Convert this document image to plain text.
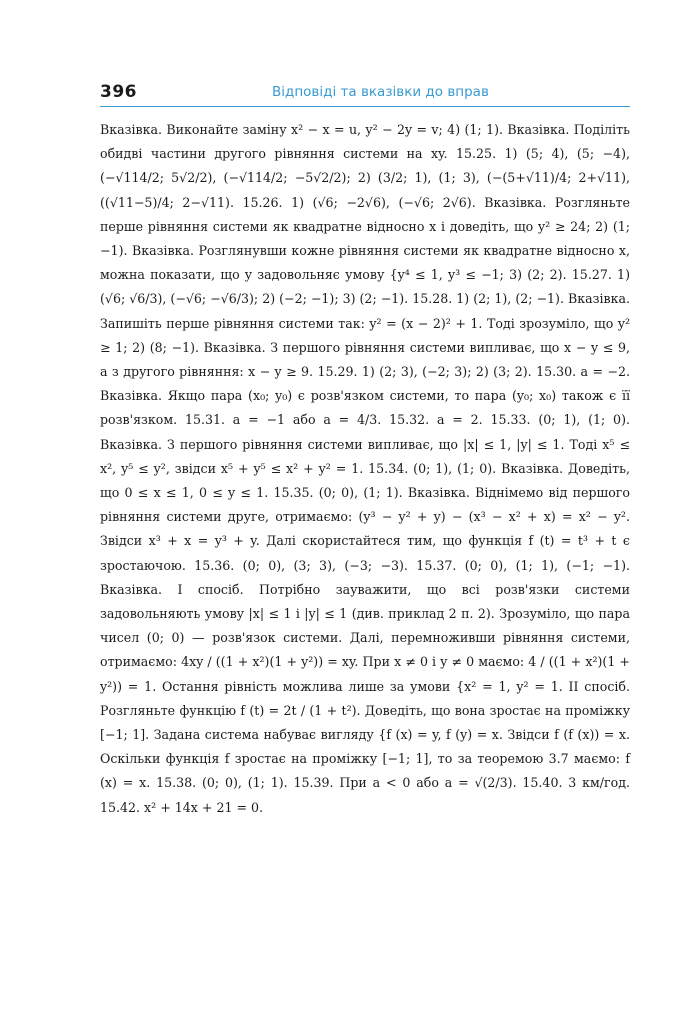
396	Відповіді та вказівки до вправ

Вказівка. Виконайте заміну x² − x = u, y² − 2y = v; 4) (1; 1). Вказівка. Поділіть обидві частини другого рівняння системи на xy. 15.25. 1) (5; 4), (5; −4), (−√114/2; 5√2/2), (−√114/2; −5√2/2); 2) (3/2; 1), (1; 3), (−(5+√11)/4; 2+√11), ((√11−5)/4; 2−√11). 15.26. 1) (√6; −2√6), (−√6; 2√6). Вказівка. Розгляньте перше рівняння системи як квадратне відносно x і доведіть, що y² ≥ 24; 2) (1; −1). Вказівка. Розглянувши кожне рівняння системи як квадратне відносно x, можна показати, що y задовольняє умову {y⁴ ≤ 1, y³ ≤ −1; 3) (2; 2). 15.27. 1) (√6; √6/3), (−√6; −√6/3); 2) (−2; −1); 3) (2; −1). 15.28. 1) (2; 1), (2; −1). Вказівка. Запишіть перше рівняння системи так: y² = (x − 2)² + 1. Тоді зрозуміло, що y² ≥ 1; 2) (8; −1). Вказівка. З першого рівняння системи випливає, що x − y ≤ 9, а з другого рівняння: x − y ≥ 9. 15.29. 1) (2; 3), (−2; 3); 2) (3; 2). 15.30. a = −2. Вказівка. Якщо пара (x₀; y₀) є розв'язком системи, то пара (y₀; x₀) також є її розв'язком. 15.31. a = −1 або a = 4/3. 15.32. a = 2. 15.33. (0; 1), (1; 0). Вказівка. З першого рівняння системи випливає, що |x| ≤ 1, |y| ≤ 1. Тоді x⁵ ≤ x², y⁵ ≤ y², звідси x⁵ + y⁵ ≤ x² + y² = 1. 15.34. (0; 1), (1; 0). Вказівка. Доведіть, що 0 ≤ x ≤ 1, 0 ≤ y ≤ 1. 15.35. (0; 0), (1; 1). Вказівка. Віднімемо від першого рівняння системи друге, отримаємо: (y³ − y² + y) − (x³ − x² + x) = x² − y². Звідси x³ + x = y³ + y. Далі скористайтеся тим, що функція f (t) = t³ + t є зростаючою. 15.36. (0; 0), (3; 3), (−3; −3). 15.37. (0; 0), (1; 1), (−1; −1). Вказівка. І спосіб. Потрібно зауважити, що всі розв'язки системи задовольняють умову |x| ≤ 1 і |y| ≤ 1 (див. приклад 2 п. 2). Зрозуміло, що пара чисел (0; 0) — розв'язок системи. Далі, перемноживши рівняння системи, отримаємо: 4xy / ((1 + x²)(1 + y²)) = xy. При x ≠ 0 і y ≠ 0 маємо: 4 / ((1 + x²)(1 + y²)) = 1. Остання рівність можлива лише за умови {x² = 1, y² = 1. ІІ спосіб. Розгляньте функцію f (t) = 2t / (1 + t²). Доведіть, що вона зростає на проміжку [−1; 1]. Задана система набуває вигляду {f (x) = y, f (y) = x. Звідси f (f (x)) = x. Оскільки функція f зростає на проміжку [−1; 1], то за теоремою 3.7 маємо: f (x) = x. 15.38. (0; 0), (1; 1). 15.39. При a < 0 або a = √(2/3). 15.40. 3 км/год. 15.42. x² + 14x + 21 = 0.
